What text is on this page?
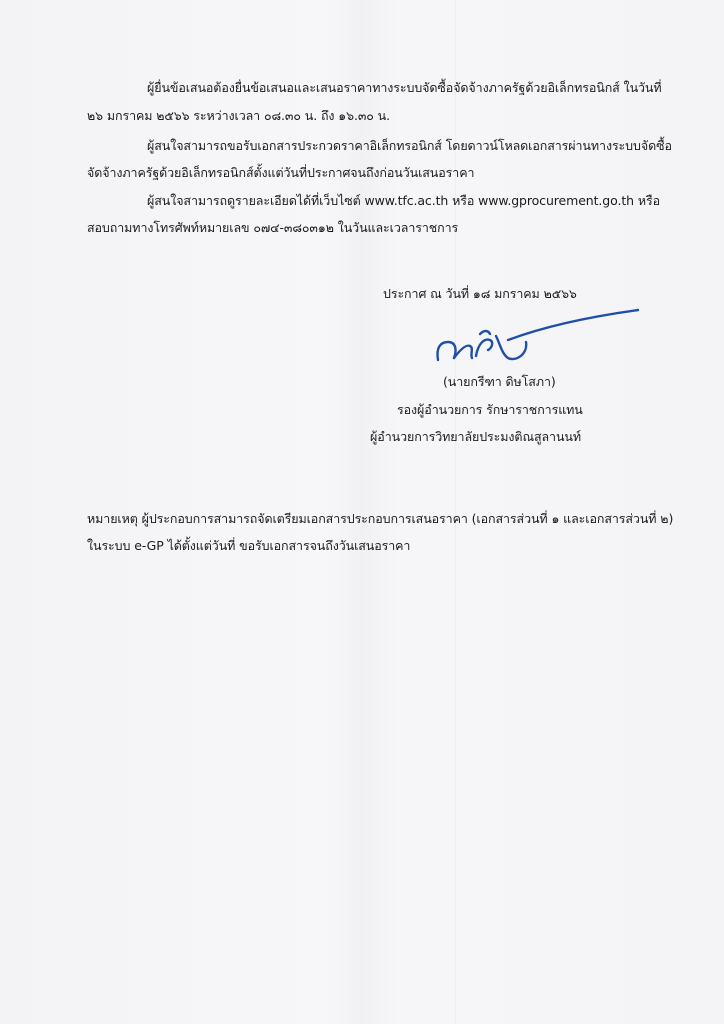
ผู้ยื่นข้อเสนอต้องยื่นข้อเสนอและเสนอราคาทางระบบจัดซื้อจัดจ้างภาครัฐด้วยอิเล็กทรอนิกส์ ในวันที่
๒๖ มกราคม ๒๕๖๖ ระหว่างเวลา ๐๘.๓๐ น. ถึง ๑๖.๓๐ น.
ผู้สนใจสามารถขอรับเอกสารประกวดราคาอิเล็กทรอนิกส์ โดยดาวน์โหลดเอกสารผ่านทางระบบจัดซื้อ
จัดจ้างภาครัฐด้วยอิเล็กทรอนิกส์ตั้งแต่วันที่ประกาศจนถึงก่อนวันเสนอราคา
ผู้สนใจสามารถดูรายละเอียดได้ที่เว็บไซต์ www.tfc.ac.th หรือ www.gprocurement.go.th หรือ
สอบถามทางโทรศัพท์หมายเลข ๐๗๔-๓๘๐๓๑๒ ในวันและเวลาราชการ
ประกาศ ณ วันที่ ๑๘ มกราคม ๒๕๖๖
(นายกรีฑา ดิษโสภา)
รองผู้อำนวยการ รักษาราชการแทน
ผู้อำนวยการวิทยาลัยประมงติณสูลานนท์
หมายเหตุ ผู้ประกอบการสามารถจัดเตรียมเอกสารประกอบการเสนอราคา (เอกสารส่วนที่ ๑ และเอกสารส่วนที่ ๒)
ในระบบ e-GP ได้ตั้งแต่วันที่ ขอรับเอกสารจนถึงวันเสนอราคา
